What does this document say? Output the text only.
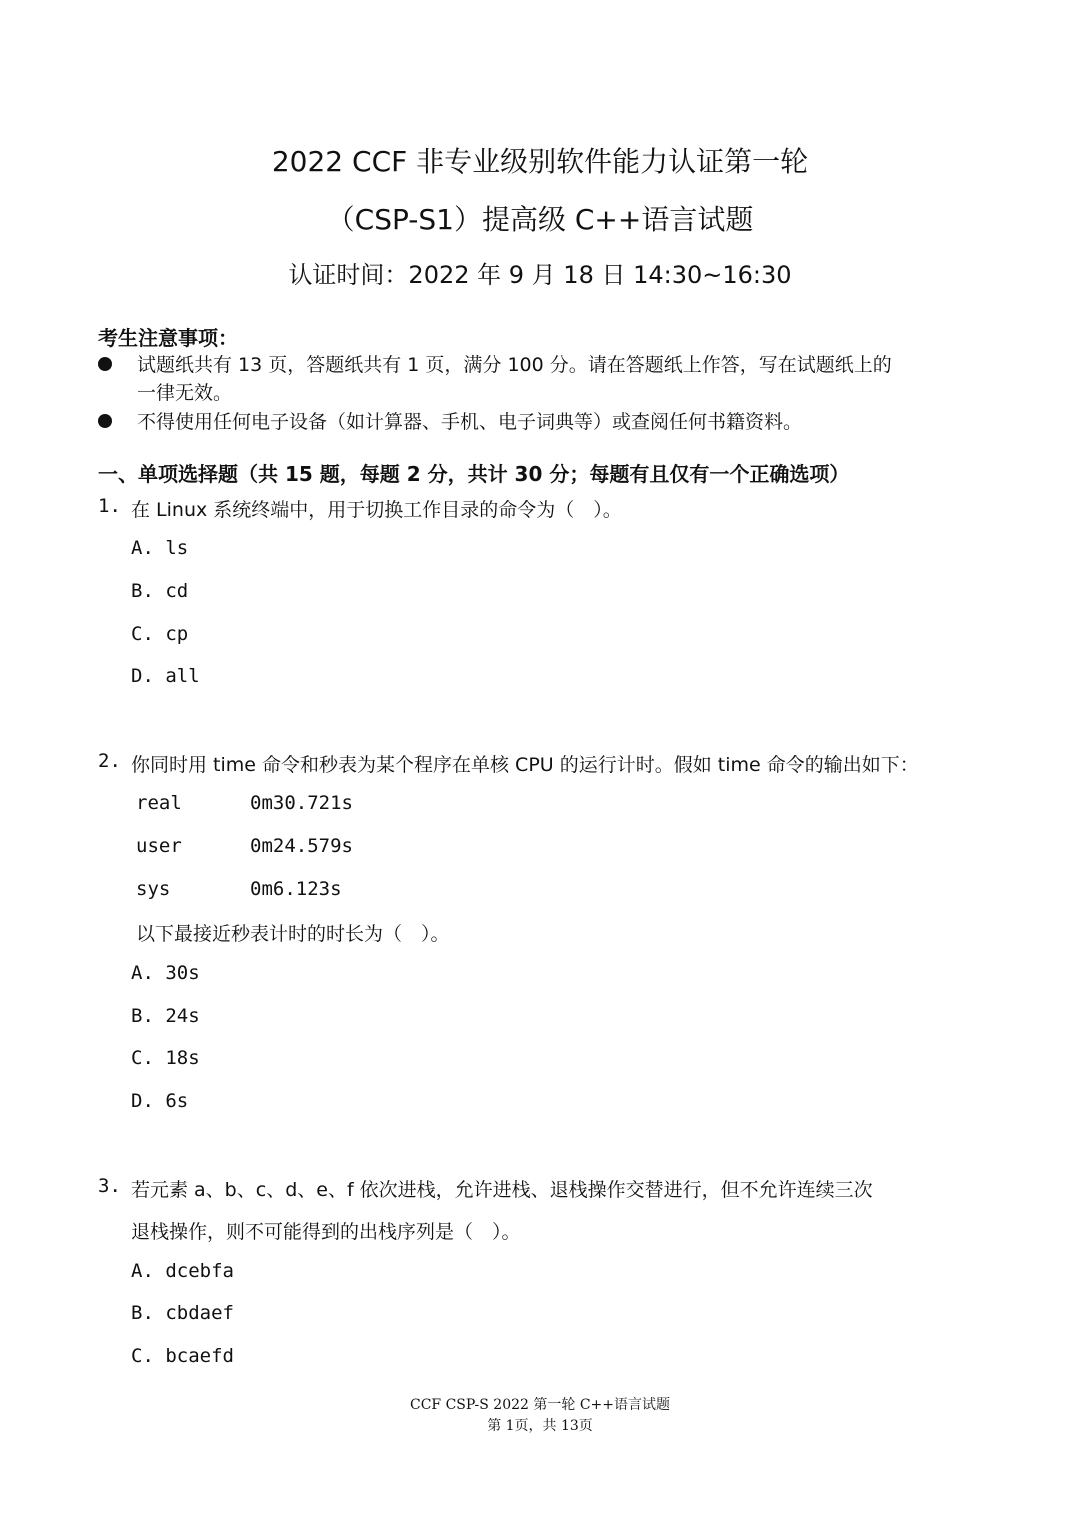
2022 CCF 非专业级别软件能力认证第一轮
（CSP-S1）提高级 C++语言试题
认证时间：2022 年 9 月 18 日 14:30~16:30
考生注意事项：
试题纸共有 13 页，答题纸共有 1 页，满分 100 分。请在答题纸上作答，写在试题纸上的
一律无效。
不得使用任何电子设备（如计算器、手机、电子词典等）或查阅任何书籍资料。
一、单项选择题（共 15 题，每题 2 分，共计 30 分；每题有且仅有一个正确选项）
1. 在 Linux 系统终端中，用于切换工作目录的命令为（　）。
A. ls
B. cd
C. cp
D. all
2. 你同时用 time 命令和秒表为某个程序在单核 CPU 的运行计时。假如 time 命令的输出如下：
real	0m30.721s
user	0m24.579s
sys	0m6.123s
以下最接近秒表计时的时长为（　）。
A. 30s
B. 24s
C. 18s
D. 6s
3. 若元素 a、b、c、d、e、f 依次进栈，允许进栈、退栈操作交替进行，但不允许连续三次
退栈操作，则不可能得到的出栈序列是（　）。
A. dcebfa
B. cbdaef
C. bcaefd
CCF CSP-S 2022 第一轮 C++语言试题
第 1页，共 13页
